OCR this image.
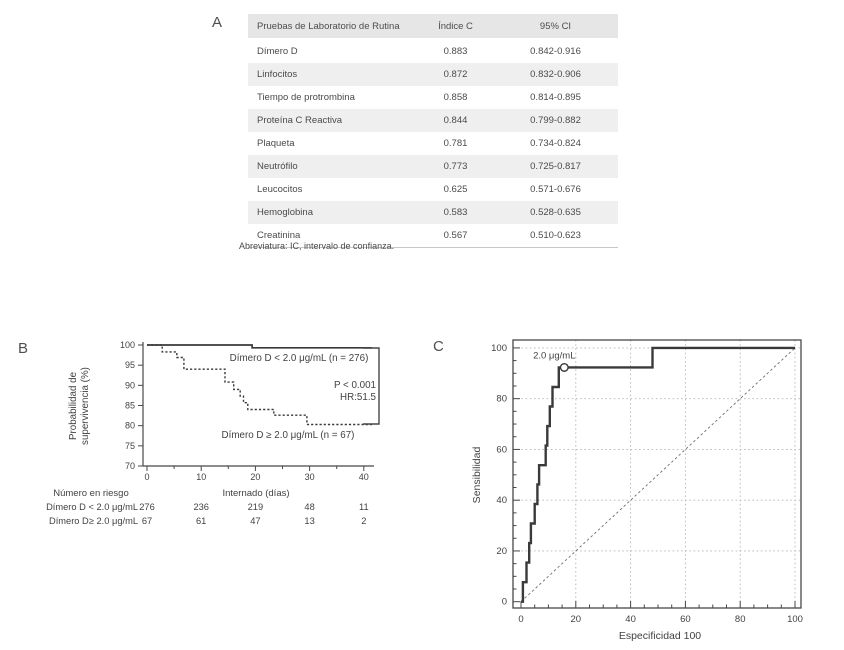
A	Pruebas de Laboratorio de Rutina	Índice C	95% CI
Dímero D	0.883	0.842-0.916
Linfocitos	0.872	0.832-0.906
Tiempo de protrombina	0.858	0.814-0.895
Proteína C Reactiva	0.844	0.799-0.882
Plaqueta	0.781	0.734-0.824
Neutrófilo	0.773	0.725-0.817
Leucocitos	0.625	0.571-0.676
Hemoglobina	0.583	0.528-0.635
Creatinina	0.567	0.510-0.623
Abreviatura: IC, intervalo de confianza.
B
70
75
80
85
90
95
100
0	10	20	30	40
Dímero D < 2.0 μg/mL (n = 276)
Dímero D ≥ 2.0 μg/mL (n = 67)
P < 0.001
HR:51.5
Probabilidad desupervivencia (%)
Número en riesgo	Internado (días)
Dímero D < 2.0 μg/mL 276	236	219	48	11
Dímero D≥ 2.0 μg/mL 67	61	47	13	2
C
0	20	40	60	80	100
0
20
40
60
80
100
2.0 μg/mL
Especificidad 100
Sensibilidad
